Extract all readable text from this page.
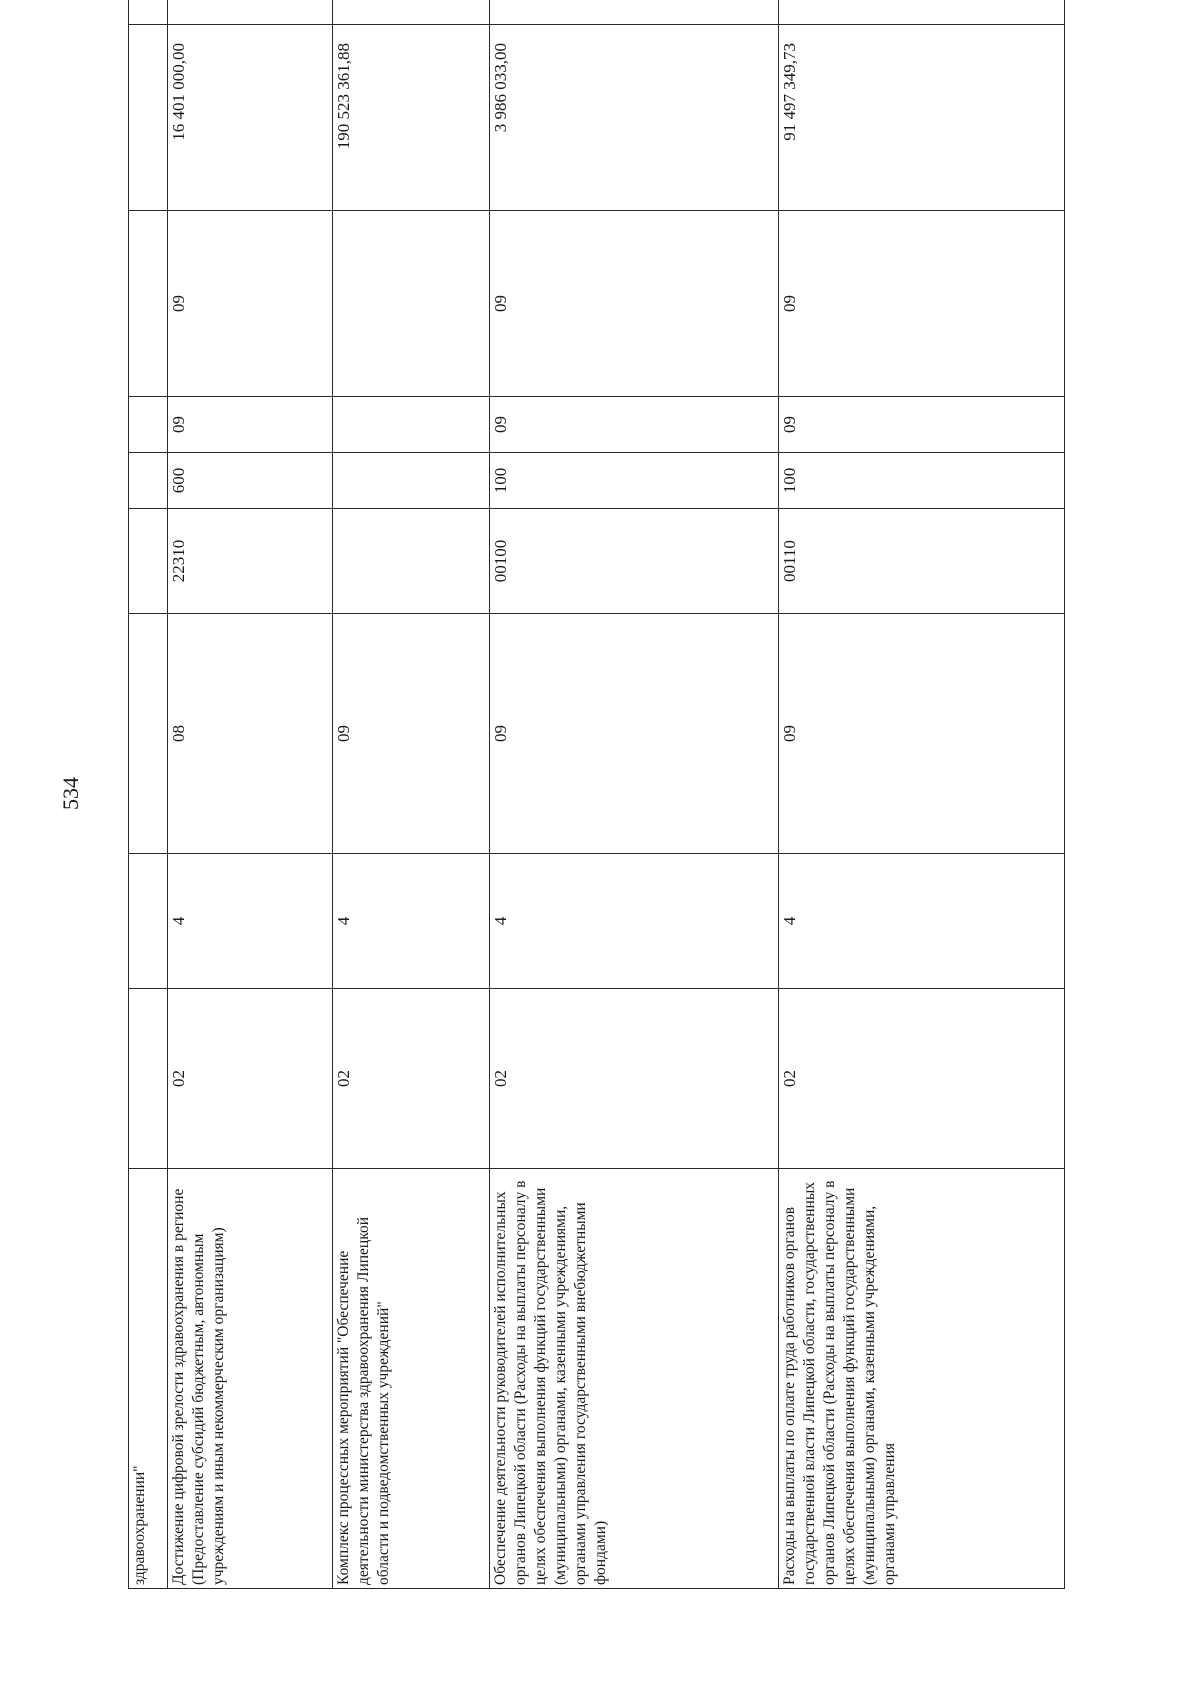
534
здравоохранении"										
Достижение цифровой зрелости здравоохранения в регионе (Предоставление субсидий бюджетным, автономным учреждениям и иным некоммерческим организациям)	02	4	08	22310	600	09	09	16 401 000,00		
Комплекс процессных мероприятий "Обеспечение деятельности министерства здравоохранения Липецкой области и подведомственных учреждений"	02	4	09					190 523 361,88		
Обеспечение деятельности руководителей исполнительных органов Липецкой области (Расходы на выплаты персоналу в целях обеспечения выполнения функций государственными (муниципальными) органами, казенными учреждениями, органами управления государственными внебюджетными фондами)	02	4	09	00100	100	09	09	3 986 033,00		
Расходы на выплаты по оплате труда работников органов государственной власти Липецкой области, государственных органов Липецкой области (Расходы на выплаты персоналу в целях обеспечения выполнения функций государственными (муниципальными) органами, казенными учреждениями, органами управления	02	4	09	00110	100	09	09	91 497 349,73		
